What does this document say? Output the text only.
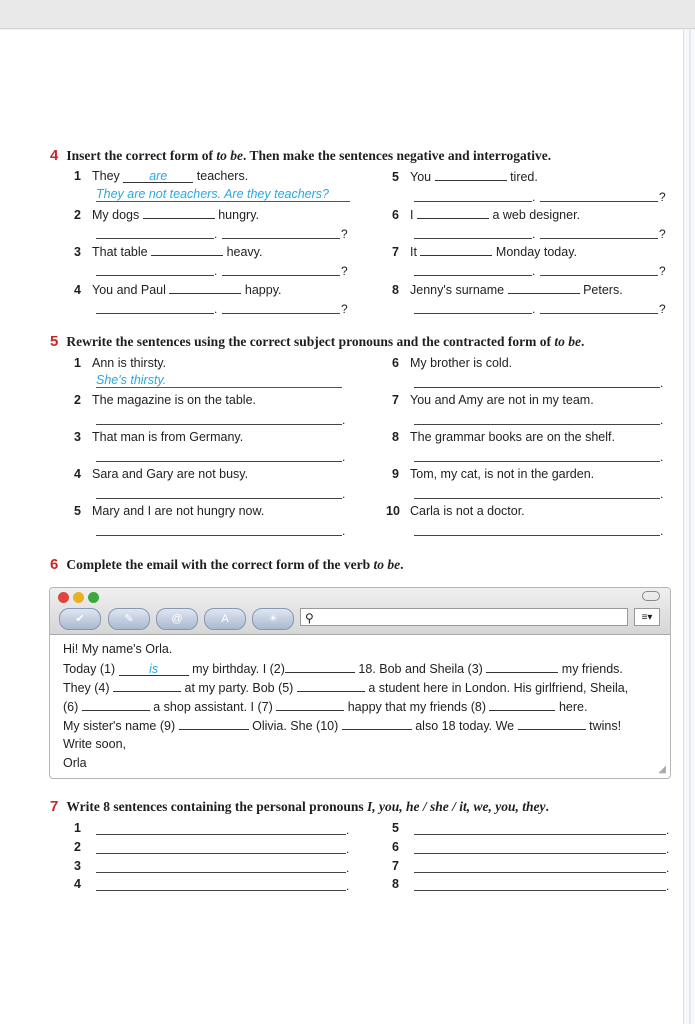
4 Insert the correct form of to be. Then make the sentences negative and interrogative.
1 They are teachers.
They are not teachers. Are they teachers?
2 My dogs	hungry.
.	?
3 That table	heavy.
.	?
4 You and Paul	happy.
.	?
5 You	tired.
.	?
6 I	a web designer.
.	?
7 It	Monday today.
.	?
8 Jenny's surname	Peters.
.	?
5 Rewrite the sentences using the correct subject pronouns and the contracted form of to be.
1 Ann is thirsty.
She's thirsty.
2 The magazine is on the table.
.
3 That man is from Germany.
.
4 Sara and Gary are not busy.
.
5 Mary and I are not hungry now.
.
6 My brother is cold.
.
7 You and Amy are not in my team.
.
8 The grammar books are on the shelf.
.
9 Tom, my cat, is not in the garden.
.
10 Carla is not a doctor.
.
6 Complete the email with the correct form of the verb to be.
✔	✎	@	A	☀	⚲	≡▾
Hi! My name's Orla.
Today (1)	is	my birthday. I (2)	18. Bob and Sheila (3)	my friends.
They (4)	at my party. Bob (5)	a student here in London. His girlfriend, Sheila,
(6)	a shop assistant. I (7)	happy that my friends (8)	here.
My sister's name (9)	Olivia. She (10)	also 18 today. We	twins!
Write soon,
Orla	◢
7 Write 8 sentences containing the personal pronouns I, you, he / she / it, we, you, they.
1	.
2	.
3	.
4	.
5	.
6	.
7	.
8	.
